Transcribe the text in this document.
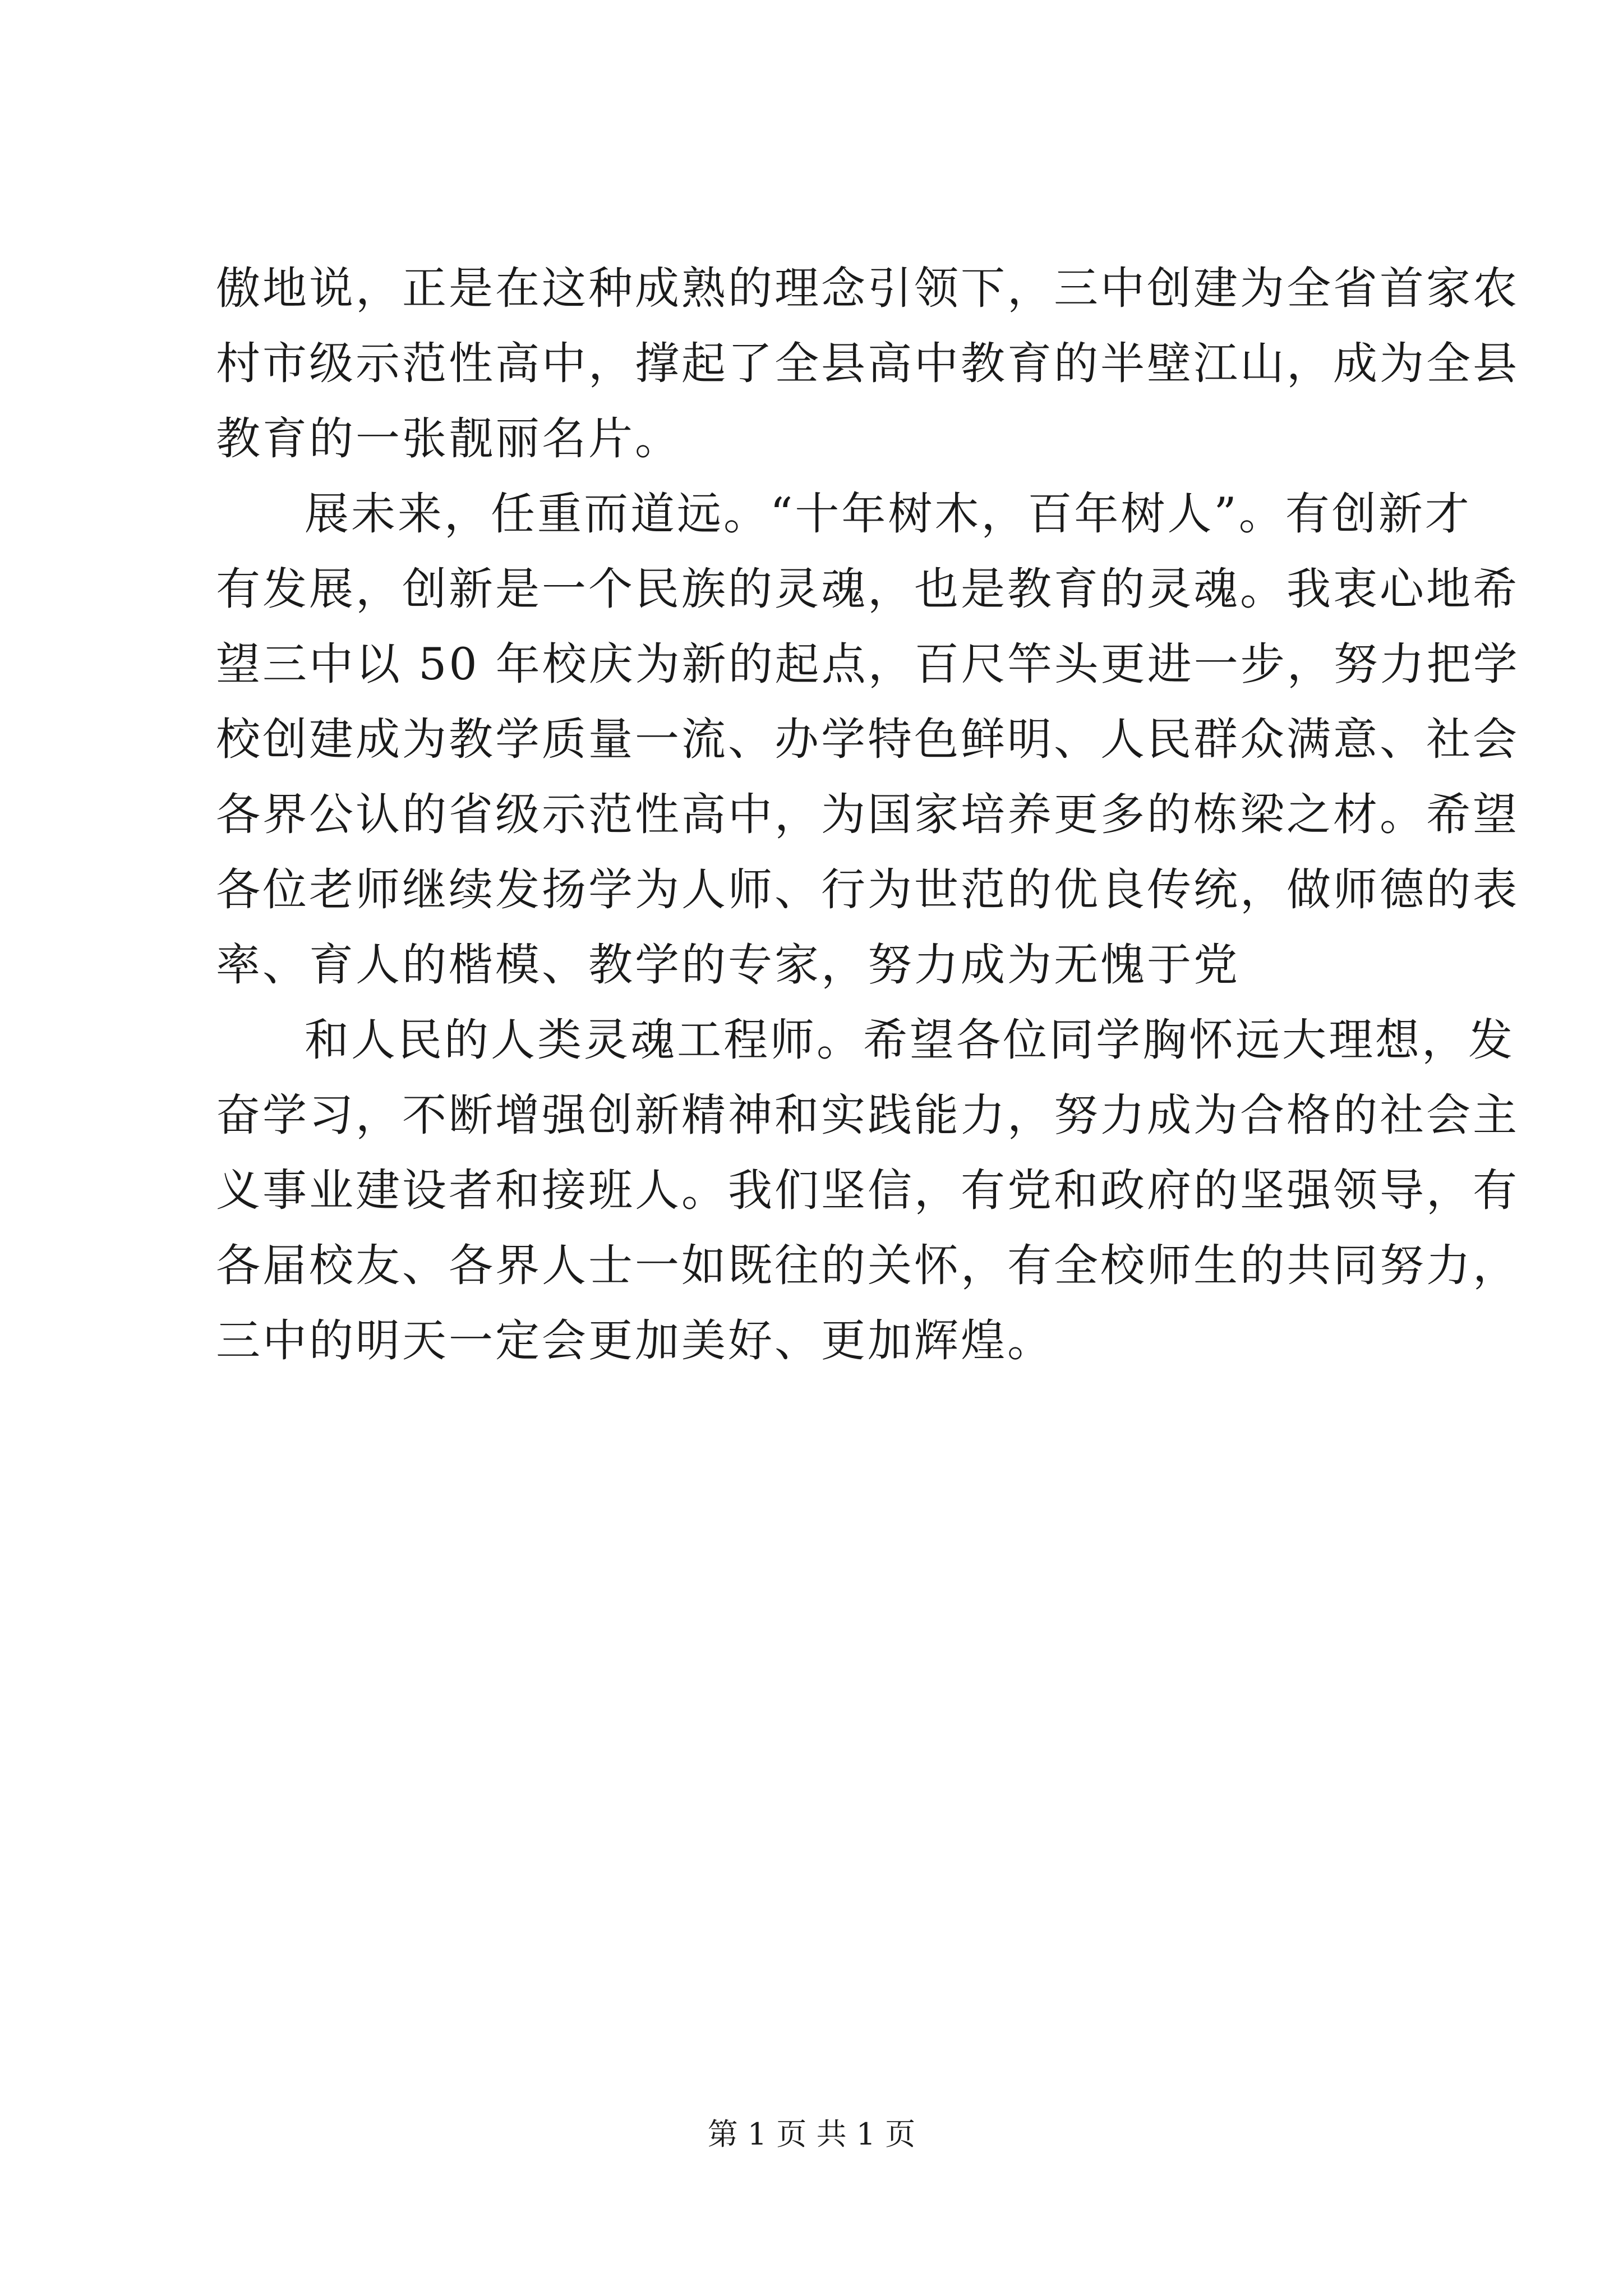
傲地说，正是在这种成熟的理念引领下，三中创建为全省首家农
村市级示范性高中，撑起了全县高中教育的半壁江山，成为全县
教育的一张靓丽名片。
展未来，任重而道远。“十年树木，百年树人”。有创新才
有发展，创新是一个民族的灵魂，也是教育的灵魂。我衷心地希
望三中以 50 年校庆为新的起点，百尺竿头更进一步，努力把学
校创建成为教学质量一流、办学特色鲜明、人民群众满意、社会
各界公认的省级示范性高中，为国家培养更多的栋梁之材。希望
各位老师继续发扬学为人师、行为世范的优良传统，做师德的表
率、育人的楷模、教学的专家，努力成为无愧于党
和人民的人类灵魂工程师。希望各位同学胸怀远大理想，发
奋学习，不断增强创新精神和实践能力，努力成为合格的社会主
义事业建设者和接班人。我们坚信，有党和政府的坚强领导，有
各届校友、各界人士一如既往的关怀，有全校师生的共同努力，
三中的明天一定会更加美好、更加辉煌。
第 1 页 共 1 页
